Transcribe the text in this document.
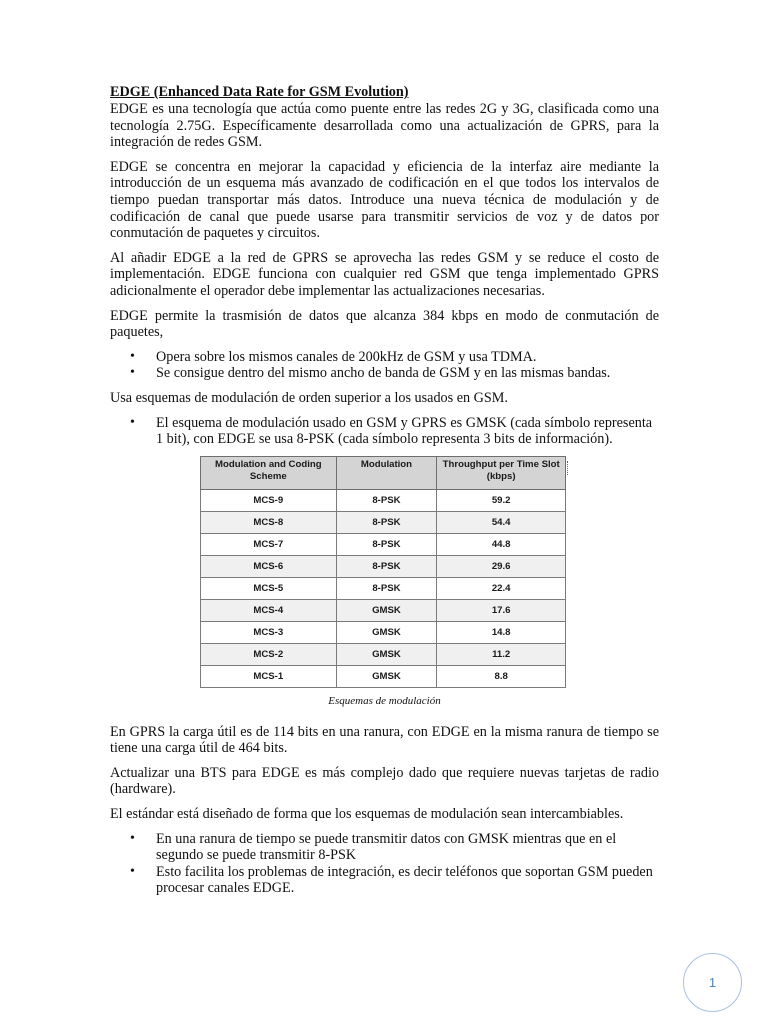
EDGE (Enhanced Data Rate for GSM Evolution)

EDGE es una tecnología que actúa como puente entre las redes 2G y 3G, clasificada como una tecnología 2.75G. Específicamente desarrollada como una actualización de GPRS, para la integración de redes GSM.

EDGE se concentra en mejorar la capacidad y eficiencia de la interfaz aire mediante la introducción de un esquema más avanzado de codificación en el que todos los intervalos de tiempo puedan transportar más datos. Introduce una nueva técnica de modulación y de codificación de canal que puede usarse para transmitir servicios de voz y de datos por conmutación de paquetes y circuitos.

Al añadir EDGE a la red de GPRS se aprovecha las redes GSM y se reduce el costo de implementación. EDGE funciona con cualquier red GSM que tenga implementado GPRS adicionalmente el operador debe implementar las actualizaciones necesarias.

EDGE permite la trasmisión de datos que alcanza 384 kbps en modo de conmutación de paquetes,

• Opera sobre los mismos canales de 200kHz de GSM y usa TDMA.
• Se consigue dentro del mismo ancho de banda de GSM y en las mismas bandas.

Usa esquemas de modulación de orden superior a los usados en GSM.

• El esquema de modulación usado en GSM y GPRS es GMSK (cada símbolo representa 1 bit), con EDGE se usa 8-PSK (cada símbolo representa 3 bits de información).
Modulation and Coding Scheme	Modulation	Throughput per Time Slot (kbps)
MCS-9	8-PSK	59.2
MCS-8	8-PSK	54.4
MCS-7	8-PSK	44.8
MCS-6	8-PSK	29.6
MCS-5	8-PSK	22.4
MCS-4	GMSK	17.6
MCS-3	GMSK	14.8
MCS-2	GMSK	11.2
MCS-1	GMSK	8.8
Esquemas de modulación

En GPRS la carga útil es de 114 bits en una ranura, con EDGE en la misma ranura de tiempo se tiene una carga útil de 464 bits.

Actualizar una BTS para EDGE es más complejo dado que requiere nuevas tarjetas de radio (hardware).

El estándar está diseñado de forma que los esquemas de modulación sean intercambiables.

• En una ranura de tiempo se puede transmitir datos con GMSK mientras que en el segundo se puede transmitir 8-PSK
• Esto facilita los problemas de integración, es decir teléfonos que soportan GSM pueden procesar canales EDGE.
1
